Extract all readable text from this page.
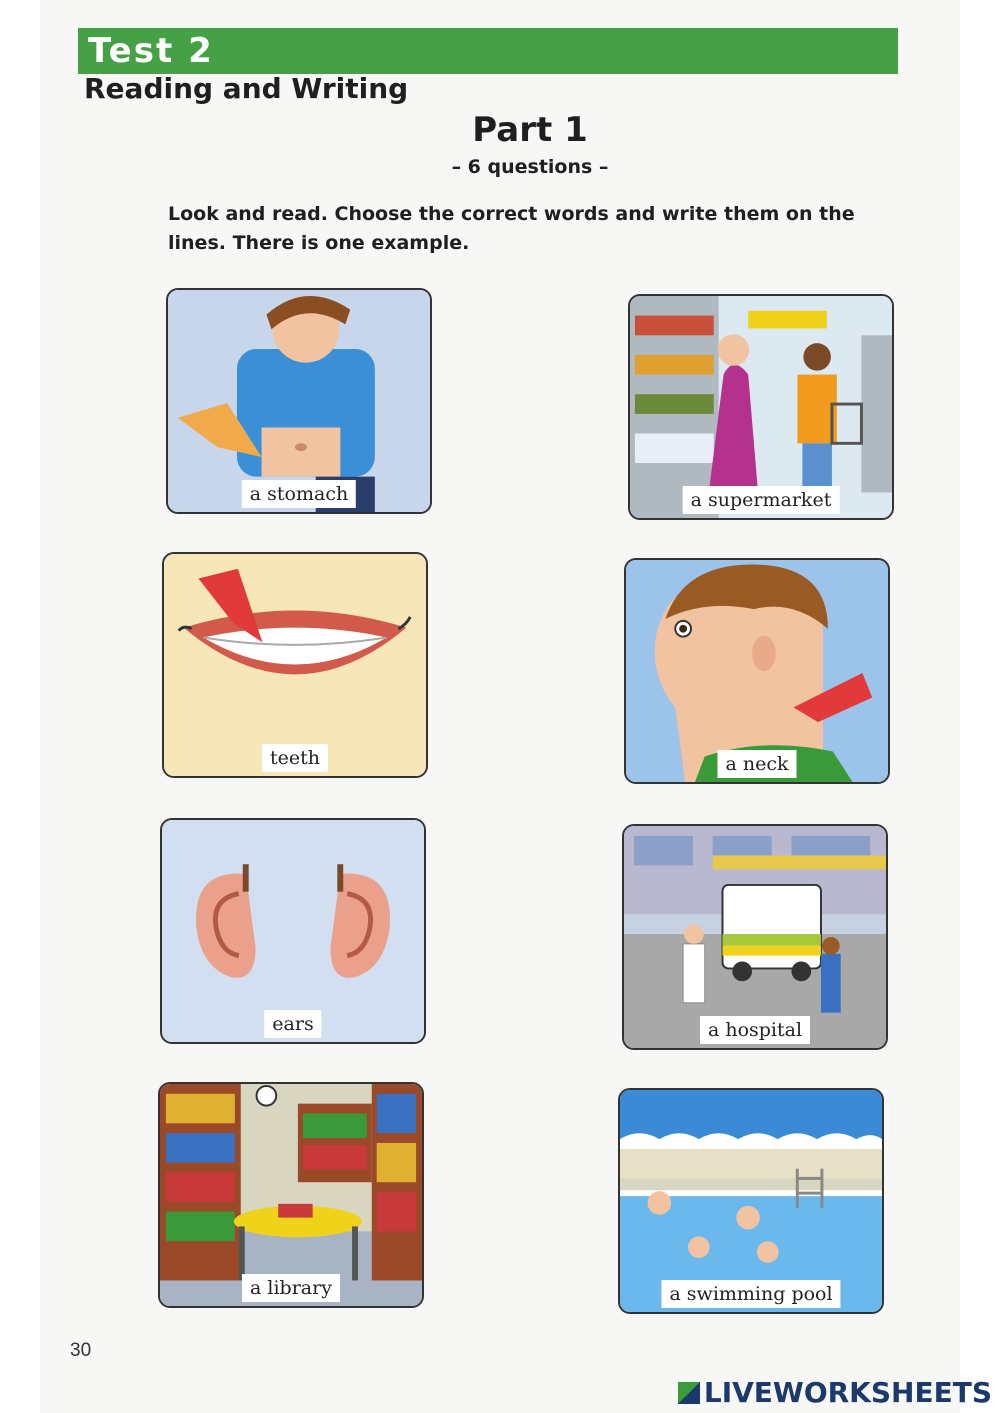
Test 2
Reading and Writing
Part 1
– 6 questions –
Look and read. Choose the correct words and write them on the lines. There is one example.
a stomach	a supermarket
teeth	a neck
ears	a hospital
a library	a swimming pool
30
LIVEWORKSHEETS
